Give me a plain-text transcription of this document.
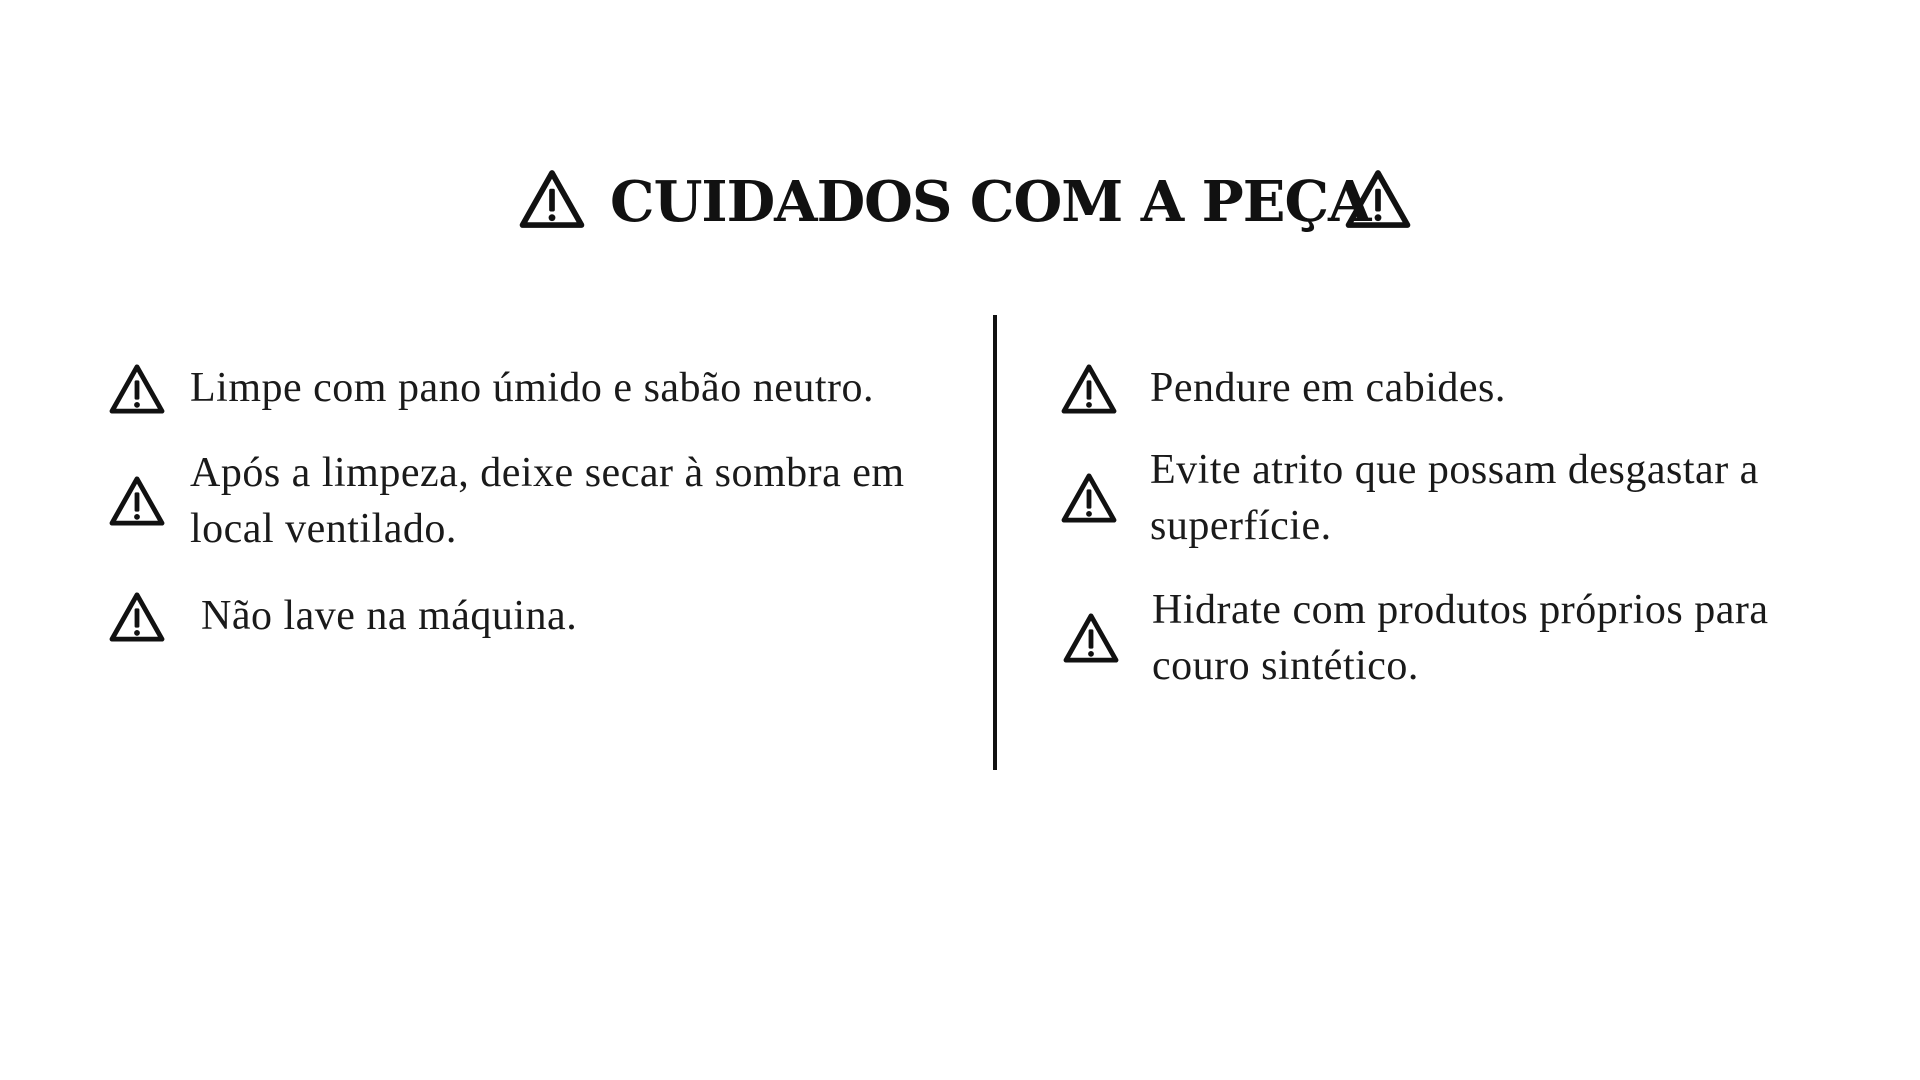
CUIDADOS COM A PEÇA
Limpe com pano úmido e sabão neutro.
Após a limpeza, deixe secar à sombra em local ventilado.
Não lave na máquina.
Pendure em cabides.
Evite atrito que possam desgastar a superfície.
Hidrate com produtos próprios para couro sintético.
